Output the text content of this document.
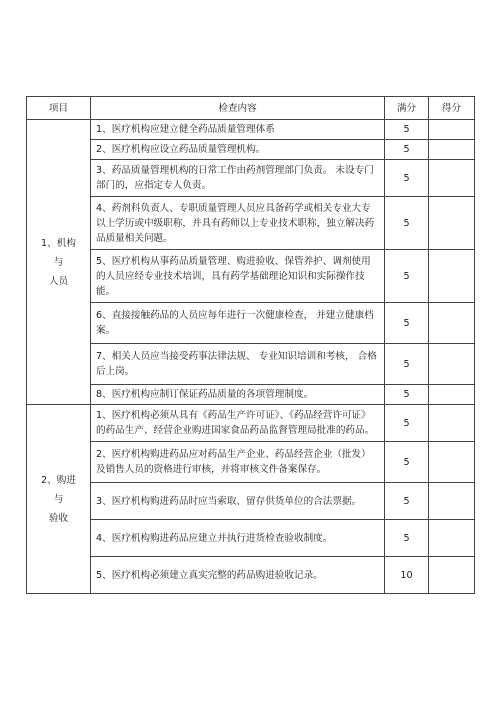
项目	检查内容	满分	得分

1、机构
与
人员	1、医疗机构应建立健全药品质量管理体系	5	
	2、医疗机构应设立药品质量管理机构。	5	
	3、药品质量管理机构的日常工作由药剂管理部门负责。 未设专门部门的，应指定专人负责。	5	
	4、药剂科负责人、专职质量管理人员应具备药学或相关专业大专以上学历或中级职称，并具有药师以上专业技术职称，独立解决药品质量相关问题。	5	
	5、医疗机构从事药品质量管理、购进验收、保管养护、调剂使用的人员应经专业技术培训，具有药学基础理论知识和实际操作技能。	5	
	6、直接接触药品的人员应每年进行一次健康检查， 并建立健康档案。	5	
	7、相关人员应当接受药事法律法规、 专业知识培训和考核， 合格后上岗。	5	
	8、医疗机构应制订保证药品质量的各项管理制度。	5	

2、购进
与
验收	1、医疗机构必须从具有《药品生产许可证》、《药品经营许可证》的药品生产、经营企业购进国家食品药品监督管理局批准的药品。	5	
	2、医疗机构购进药品应对药品生产企业、药品经营企业（批发）及销售人员的资格进行审核，并将审核文件备案保存。	5	
	3、医疗机构购进药品时应当索取、留存供货单位的合法票据。	5	
	4、医疗机构购进药品应建立并执行进货检查验收制度。	5	
	5、医疗机构必须建立真实完整的药品购进验收记录。	10	
